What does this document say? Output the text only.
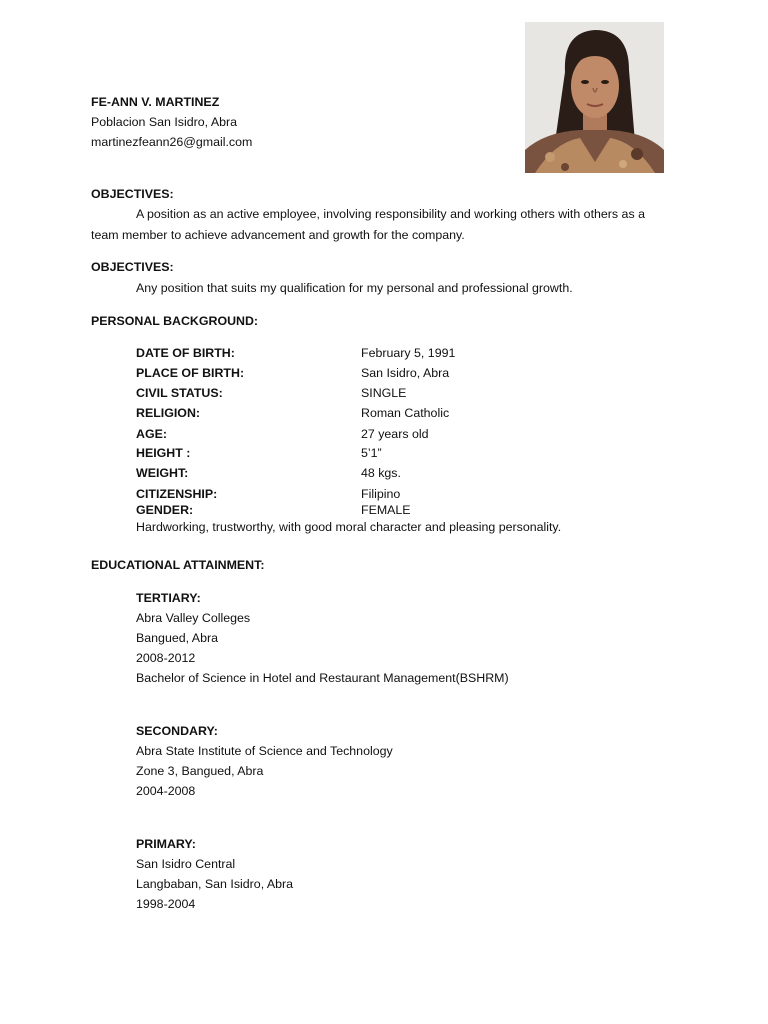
FE-ANN V. MARTINEZ
Poblacion San Isidro, Abra
martinezfeann26@gmail.com
OBJECTIVES:
A position as an active employee, involving responsibility and working others with others as a
team member to achieve advancement and growth for the company.
OBJECTIVES:
Any position that suits my qualification for my personal and professional growth.
PERSONAL BACKGROUND:
DATE OF BIRTH:	February 5, 1991
PLACE OF BIRTH:	San Isidro, Abra
CIVIL STATUS:	SINGLE
RELIGION:	Roman Catholic
AGE:	27 years old
HEIGHT :	5’1”
WEIGHT:	48 kgs.
CITIZENSHIP:	Filipino
GENDER:	FEMALE
Hardworking, trustworthy, with good moral character and pleasing personality.
EDUCATIONAL ATTAINMENT:
TERTIARY:
Abra Valley Colleges
Bangued, Abra
2008-2012
Bachelor of Science in Hotel and Restaurant Management(BSHRM)
SECONDARY:
Abra State Institute of Science and Technology
Zone 3, Bangued, Abra
2004-2008
PRIMARY:
San Isidro Central
Langbaban, San Isidro, Abra
1998-2004
